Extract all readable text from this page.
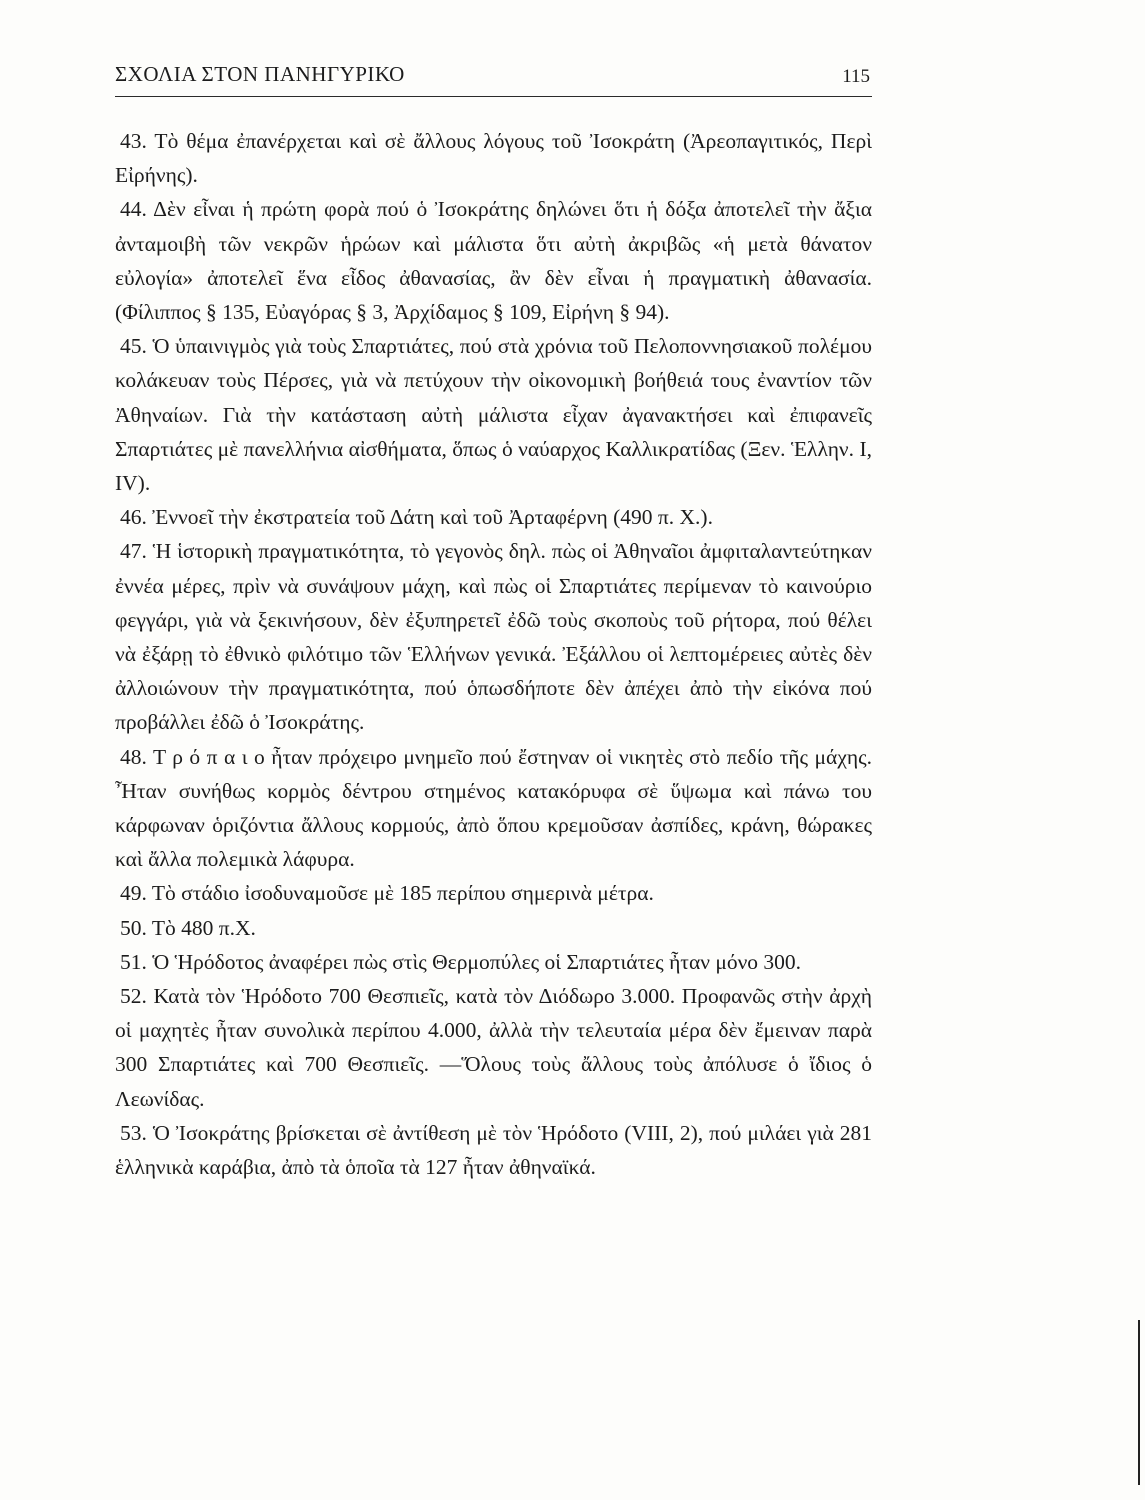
ΣΧΟΛΙΑ ΣΤΟΝ ΠΑΝΗΓΥΡΙΚΟ	115

43. Τὸ θέμα ἐπανέρχεται καὶ σὲ ἄλλους λόγους τοῦ Ἰσοκράτη (Ἀρεοπαγιτικός, Περὶ Εἰρήνης).

44. Δὲν εἶναι ἡ πρώτη φορὰ πού ὁ Ἰσοκράτης δηλώνει ὅτι ἡ δόξα ἀποτελεῖ τὴν ἄξια ἀνταμοιβὴ τῶν νεκρῶν ἡρώων καὶ μάλιστα ὅτι αὐτὴ ἀκριβῶς «ἡ μετὰ θάνατον εὐλογία» ἀποτελεῖ ἕνα εἶδος ἀθανασίας, ἂν δὲν εἶναι ἡ πραγματικὴ ἀθανασία. (Φίλιππος § 135, Εὐαγόρας § 3, Ἀρχίδαμος § 109, Εἰρήνη § 94).

45. Ὁ ὑπαινιγμὸς γιὰ τοὺς Σπαρτιάτες, πού στὰ χρόνια τοῦ Πελοποννησιακοῦ πολέμου κολάκευαν τοὺς Πέρσες, γιὰ νὰ πετύχουν τὴν οἰκονομικὴ βοήθειά τους ἐναντίον τῶν Ἀθηναίων. Γιὰ τὴν κατάσταση αὐτὴ μάλιστα εἶχαν ἀγανακτήσει καὶ ἐπιφανεῖς Σπαρτιάτες μὲ πανελλήνια αἰσθήματα, ὅπως ὁ ναύαρχος Καλλικρατίδας (Ξεν. Ἑλλην. I, IV).

46. Ἐννοεῖ τὴν ἐκστρατεία τοῦ Δάτη καὶ τοῦ Ἀρταφέρνη (490 π. Χ.).

47. Ἡ ἱστορικὴ πραγματικότητα, τὸ γεγονὸς δηλ. πὼς οἱ Ἀθηναῖοι ἀμφιταλαντεύτηκαν ἐννέα μέρες, πρὶν νὰ συνάψουν μάχη, καὶ πὼς οἱ Σπαρτιάτες περίμεναν τὸ καινούριο φεγγάρι, γιὰ νὰ ξεκινήσουν, δὲν ἐξυπηρετεῖ ἐδῶ τοὺς σκοποὺς τοῦ ρήτορα, πού θέλει νὰ ἐξάρῃ τὸ ἐθνικὸ φιλότιμο τῶν Ἑλλήνων γενικά. Ἐξάλλου οἱ λεπτομέρειες αὐτὲς δὲν ἀλλοιώνουν τὴν πραγματικότητα, πού ὁπωσδήποτε δὲν ἀπέχει ἀπὸ τὴν εἰκόνα πού προβάλλει ἐδῶ ὁ Ἰσοκράτης.

48. Τ ρ ό π α ι ο ἦταν πρόχειρο μνημεῖο πού ἔστηναν οἱ νικητὲς στὸ πεδίο τῆς μάχης. Ἦταν συνήθως κορμὸς δέντρου στημένος κατακόρυφα σὲ ὕψωμα καὶ πάνω του κάρφωναν ὁριζόντια ἄλλους κορμούς, ἀπὸ ὅπου κρεμοῦσαν ἀσπίδες, κράνη, θώρακες καὶ ἄλλα πολεμικὰ λάφυρα.

49. Τὸ στάδιο ἰσοδυναμοῦσε μὲ 185 περίπου σημερινὰ μέτρα.

50. Τὸ 480 π.Χ.

51. Ὁ Ἡρόδοτος ἀναφέρει πὼς στὶς Θερμοπύλες οἱ Σπαρτιάτες ἦταν μόνο 300.

52. Κατὰ τὸν Ἡρόδοτο 700 Θεσπιεῖς, κατὰ τὸν Διόδωρο 3.000. Προφανῶς στὴν ἀρχὴ οἱ μαχητὲς ἦταν συνολικὰ περίπου 4.000, ἀλλὰ τὴν τελευταία μέρα δὲν ἔμειναν παρὰ 300 Σπαρτιάτες καὶ 700 Θεσπιεῖς. —Ὅλους τοὺς ἄλλους τοὺς ἀπόλυσε ὁ ἴδιος ὁ Λεωνίδας.

53. Ὁ Ἰσοκράτης βρίσκεται σὲ ἀντίθεση μὲ τὸν Ἡρόδοτο (VIII, 2), πού μιλάει γιὰ 281 ἑλληνικὰ καράβια, ἀπὸ τὰ ὁποῖα τὰ 127 ἦταν ἀθηναϊκά.
